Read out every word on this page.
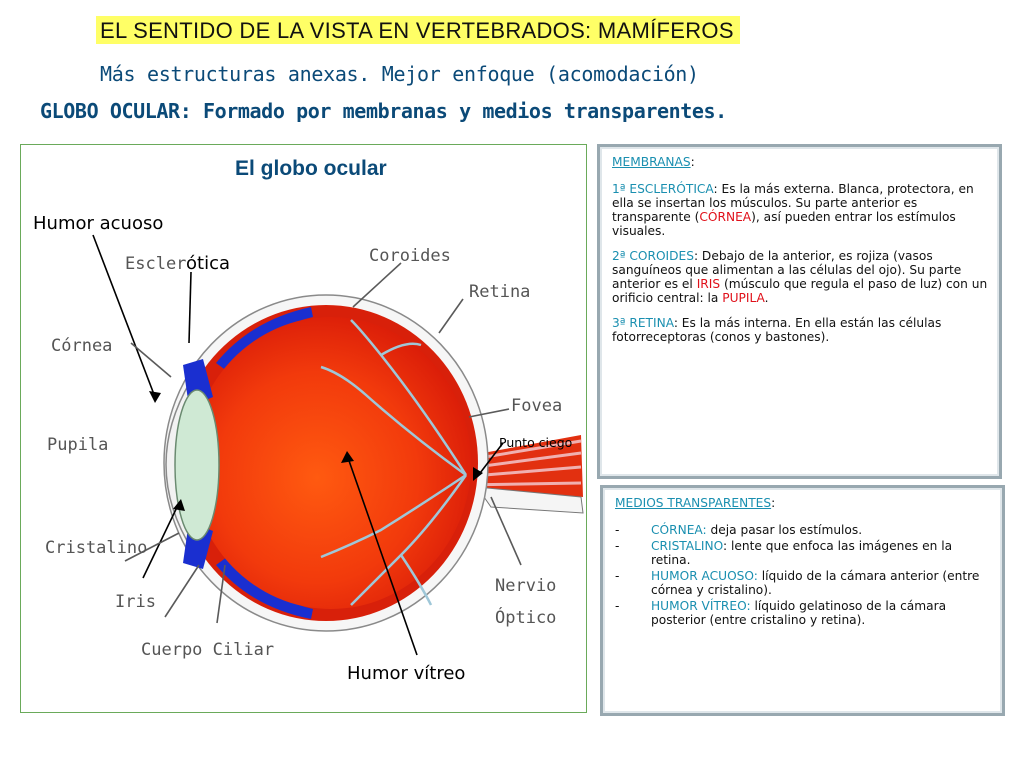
EL SENTIDO DE LA VISTA EN VERTEBRADOS: MAMÍFEROS
Más estructuras anexas. Mejor enfoque (acomodación)
GLOBO OCULAR: Formado por membranas y medios transparentes.
El globo ocular
Humor acuoso
Escler ótica	Coroides
Retina
Córnea
Pupila
Cristalino
Iris
Cuerpo Ciliar
Humor vítreo
Fovea
Punto ciego
Nervio
Óptico

MEMBRANAS:

1ª ESCLERÓTICA: Es la más externa. Blanca, protectora, en ella se insertan los músculos. Su parte anterior es transparente (CÓRNEA), así pueden entrar los estímulos visuales.

2ª COROIDES: Debajo de la anterior, es rojiza (vasos sanguíneos que alimentan a las células del ojo). Su parte anterior es el IRIS (músculo que regula el paso de luz) con un orificio central: la PUPILA.

3ª RETINA: Es la más interna. En ella están las células fotorreceptoras (conos y bastones).

MEDIOS TRANSPARENTES:

-	CÓRNEA: deja pasar los estímulos.
-	CRISTALINO: lente que enfoca las imágenes en la retina.
-	HUMOR ACUOSO: líquido de la cámara anterior (entre córnea y cristalino).
-	HUMOR VÍTREO: líquido gelatinoso de la cámara posterior (entre cristalino y retina).
